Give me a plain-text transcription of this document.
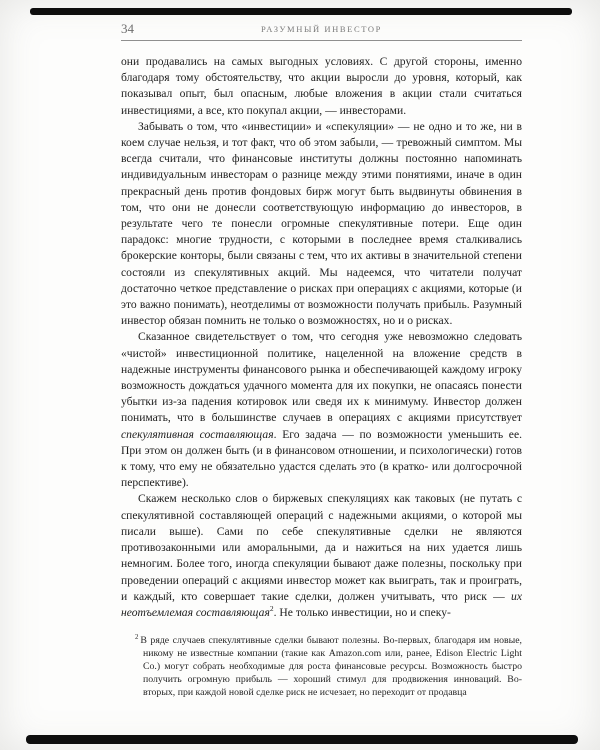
34	РАЗУМНЫЙ ИНВЕСТОР

они продавались на самых выгодных условиях. С другой стороны, именно благодаря тому обстоятельству, что акции выросли до уровня, который, как показывал опыт, был опасным, любые вложения в акции стали считаться инвестициями, а все, кто покупал акции, — инвесторами.

Забывать о том, что «инвестиции» и «спекуляции» — не одно и то же, ни в коем случае нельзя, и тот факт, что об этом забыли, — тревожный симптом. Мы всегда считали, что финансовые институты должны постоянно напоминать индивидуальным инвесторам о разнице между этими понятиями, иначе в один прекрасный день против фондовых бирж могут быть выдвинуты обвинения в том, что они не донесли соответствующую информацию до инвесторов, в результате чего те понесли огромные спекулятивные потери. Еще один парадокс: многие трудности, с которыми в последнее время сталкивались брокерские конторы, были связаны с тем, что их активы в значительной степени состояли из спекулятивных акций. Мы надеемся, что читатели получат достаточно четкое представление о рисках при операциях с акциями, которые (и это важно понимать), неотделимы от возможности получать прибыль. Разумный инвестор обязан помнить не только о возможностях, но и о рисках.

Сказанное свидетельствует о том, что сегодня уже невозможно следовать «чистой» инвестиционной политике, нацеленной на вложение средств в надежные инструменты финансового рынка и обеспечивающей каждому игроку возможность дождаться удачного момента для их покупки, не опасаясь понести убытки из-за падения котировок или сведя их к минимуму. Инвестор должен понимать, что в большинстве случаев в операциях с акциями присутствует спекулятивная составляющая. Его задача — по возможности уменьшить ее. При этом он должен быть (и в финансовом отношении, и психологически) готов к тому, что ему не обязательно удастся сделать это (в кратко- или долгосрочной перспективе).

Скажем несколько слов о биржевых спекуляциях как таковых (не путать с спекулятивной составляющей операций с надежными акциями, о которой мы писали выше). Сами по себе спекулятивные сделки не являются противозаконными или аморальными, да и нажиться на них удается лишь немногим. Более того, иногда спекуляции бывают даже полезны, поскольку при проведении операций с акциями инвестор может как выиграть, так и проиграть, и каждый, кто совершает такие сделки, должен учитывать, что риск — их неотъемлемая составляющая$^2$. Не только инвестиции, но и спеку-

$^2$ В ряде случаев спекулятивные сделки бывают полезны. Во-первых, благодаря им новые, никому не известные компании (такие как Amazon.com или, ранее, Edison Electric Light Co.) могут собрать необходимые для роста финансовые ресурсы. Возможность быстро получить огромную прибыль — хороший стимул для продвижения инноваций. Во-вторых, при каждой новой сделке риск не исчезает, но переходит от продавца
